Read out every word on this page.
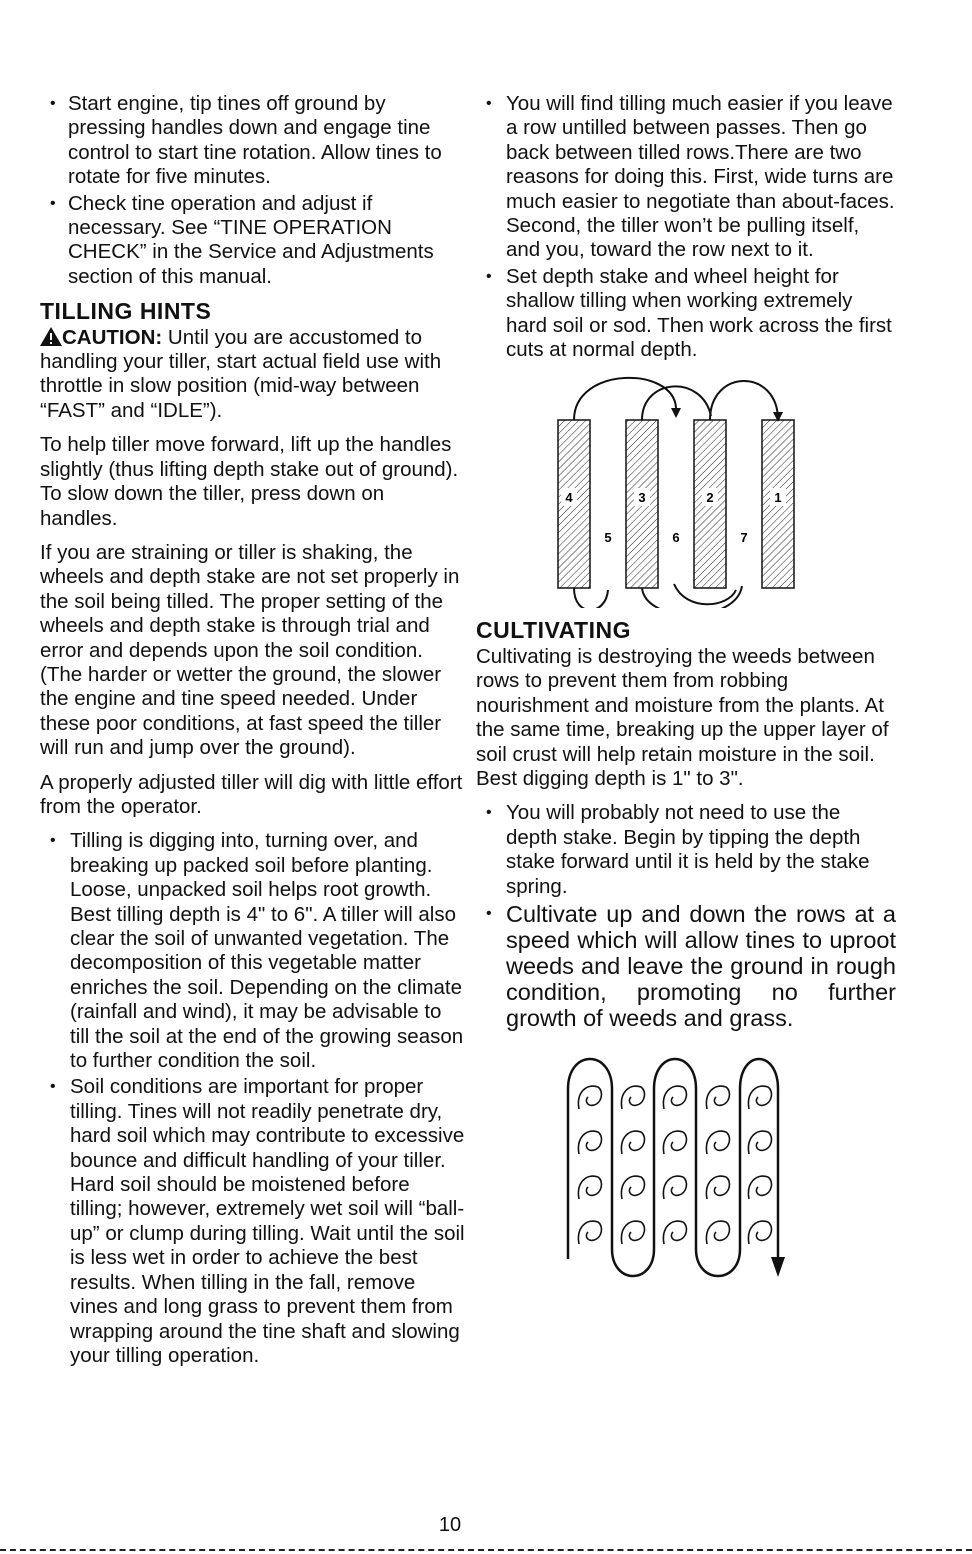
• Start engine, tip tines off ground by pressing handles down and engage tine control to start tine rotation. Allow tines to rotate for five minutes.
• Check tine operation and adjust if necessary. See “TINE OPERATION CHECK” in the Service and Adjustments section of this manual.
TILLING HINTS

CAUTION: Until you are accustomed to handling your tiller, start actual field use with throttle in slow position (mid-way between “FAST” and “IDLE”).

To help tiller move forward, lift up the handles slightly (thus lifting depth stake out of ground). To slow down the tiller, press down on handles.

If you are straining or tiller is shaking, the wheels and depth stake are not set properly in the soil being tilled. The proper setting of the wheels and depth stake is through trial and error and depends upon the soil condition. (The harder or wetter the ground, the slower the engine and tine speed needed. Under these poor conditions, at fast speed the tiller will run and jump over the ground).

A properly adjusted tiller will dig with little effort from the operator.

• Tilling is digging into, turning over, and breaking up packed soil before planting. Loose, unpacked soil helps root growth. Best tilling depth is 4" to 6". A tiller will also clear the soil of unwanted vegetation. The decomposition of this vegetable matter enriches the soil. Depending on the climate (rainfall and wind), it may be advisable to till the soil at the end of the growing season to further condition the soil.
• Soil conditions are important for proper tilling. Tines will not readily penetrate dry, hard soil which may contribute to excessive bounce and difficult handling of your tiller. Hard soil should be moistened before tilling; however, extremely wet soil will “ball-up” or clump during tilling. Wait until the soil is less wet in order to achieve the best results. When tilling in the fall, remove vines and long grass to prevent them from wrapping around the tine shaft and slowing your tilling operation.
• You will find tilling much easier if you leave a row untilled between passes. Then go back between tilled rows.There are two reasons for doing this. First, wide turns are much easier to negotiate than about-faces. Second, the tiller won’t be pulling itself, and you, toward the row next to it.
• Set depth stake and wheel height for shallow tilling when working extremely hard soil or sod. Then work across the first cuts at normal depth.
4	3	2	1
5	6	7
CULTIVATING

Cultivating is destroying the weeds between rows to prevent them from robbing nourishment and moisture from the plants. At the same time, breaking up the upper layer of soil crust will help retain moisture in the soil. Best digging depth is 1" to 3".

• You will probably not need to use the depth stake. Begin by tipping the depth stake forward until it is held by the stake spring.
• Cultivate up and down the rows at a speed which will allow tines to uproot weeds and leave the ground in rough condition, promoting no further growth of weeds and grass.
10
